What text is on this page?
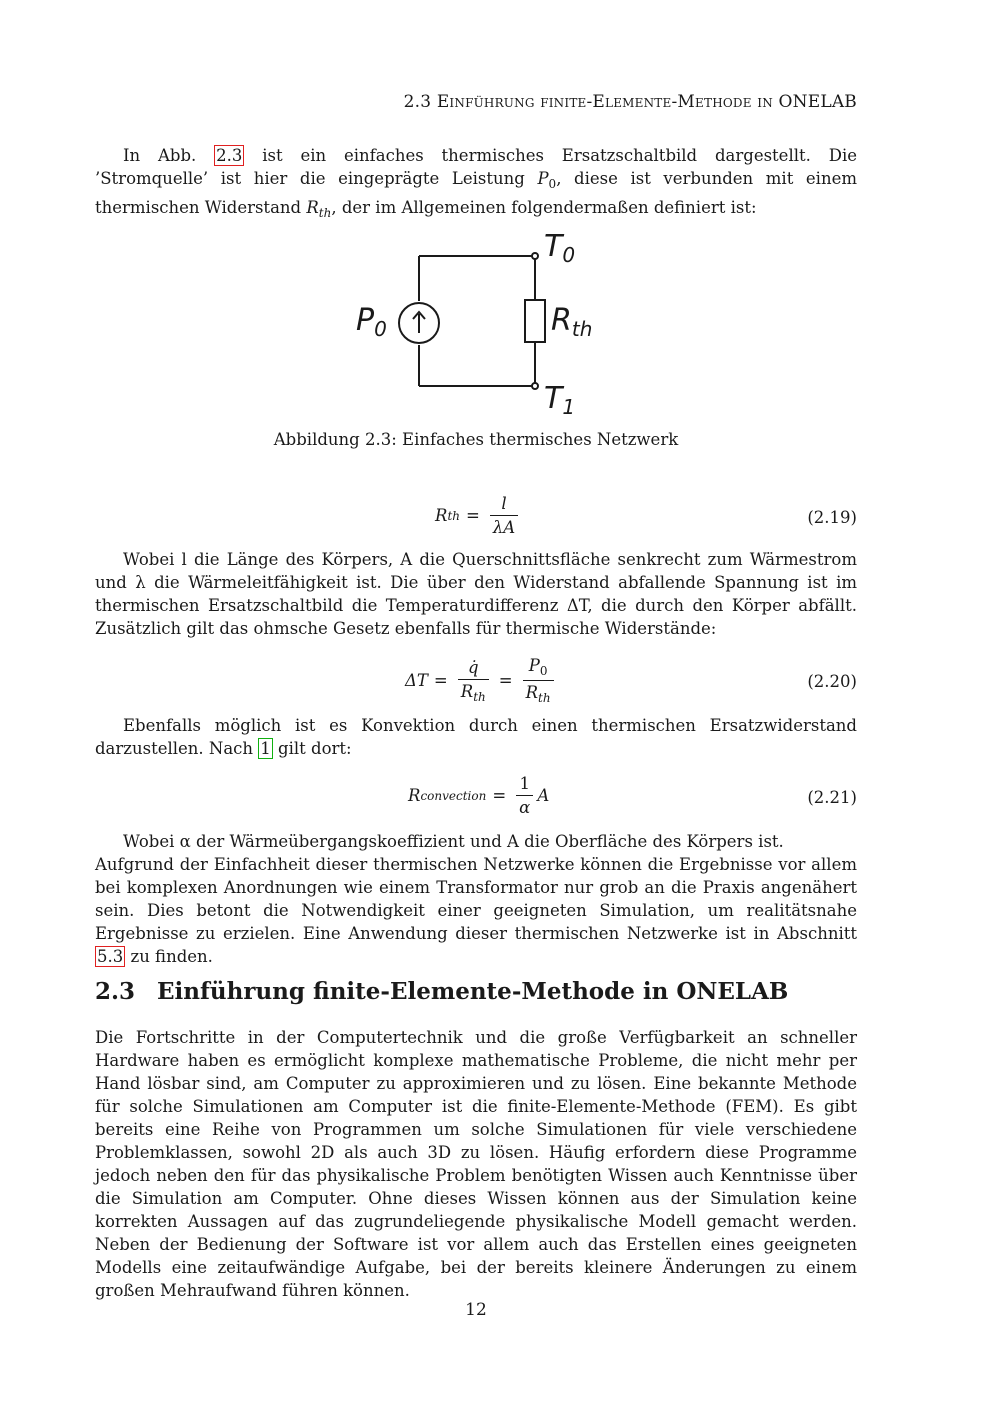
2.3 Einführung finite-Elemente-Methode in ONELAB

In Abb. 2.3 ist ein einfaches thermisches Ersatzschaltbild dargestellt. Die ’Stromquelle’ ist hier die eingeprägte Leistung $P_0$, diese ist verbunden mit einem thermischen Widerstand $R_{th}$, der im Allgemeinen folgendermaßen definiert ist:

$T_0$
$T_1$
$P_0$	$R_{th}$
Abbildung 2.3: Einfaches thermisches Netzwerk
R th = $\frac{l}{\lambda A}$	(2.19)

Wobei l die Länge des Körpers, A die Querschnittsfläche senkrecht zum Wärmestrom und λ die Wärmeleitfähigkeit ist. Die über den Widerstand abfallende Spannung ist im thermischen Ersatzschaltbild die Temperaturdifferenz ΔT, die durch den Körper abfällt. Zusätzlich gilt das ohmsche Gesetz ebenfalls für thermische Widerstände:

$\Delta T = \frac{q̇}{R_{th}} = \frac{P_0}{R_{th}}$	(2.20)

Ebenfalls möglich ist es Konvektion durch einen thermischen Ersatzwiderstand darzustellen. Nach 1 gilt dort:

R convection = $\frac{1}{\alpha}$ A	(2.21)

Wobei α der Wärmeübergangskoeffizient und A die Oberfläche des Körpers ist.

Aufgrund der Einfachheit dieser thermischen Netzwerke können die Ergebnisse vor allem bei komplexen Anordnungen wie einem Transformator nur grob an die Praxis angenähert sein. Dies betont die Notwendigkeit einer geeigneten Simulation, um realitätsnahe Ergebnisse zu erzielen. Eine Anwendung dieser thermischen Netzwerke ist in Abschnitt 5.3 zu finden.

2.3 Einführung finite-Elemente-Methode in ONELAB

Die Fortschritte in der Computertechnik und die große Verfügbarkeit an schneller Hardware haben es ermöglicht komplexe mathematische Probleme, die nicht mehr per Hand lösbar sind, am Computer zu approximieren und zu lösen. Eine bekannte Methode für solche Simulationen am Computer ist die finite-Elemente-Methode (FEM). Es gibt bereits eine Reihe von Programmen um solche Simulationen für viele verschiedene Problemklassen, sowohl 2D als auch 3D zu lösen. Häufig erfordern diese Programme jedoch neben den für das physikalische Problem benötigten Wissen auch Kenntnisse über die Simulation am Computer. Ohne dieses Wissen können aus der Simulation keine korrekten Aussagen auf das zugrundeliegende physikalische Modell gemacht werden. Neben der Bedienung der Software ist vor allem auch das Erstellen eines geeigneten Modells eine zeitaufwändige Aufgabe, bei der bereits kleinere Änderungen zu einem großen Mehraufwand führen können.

12
